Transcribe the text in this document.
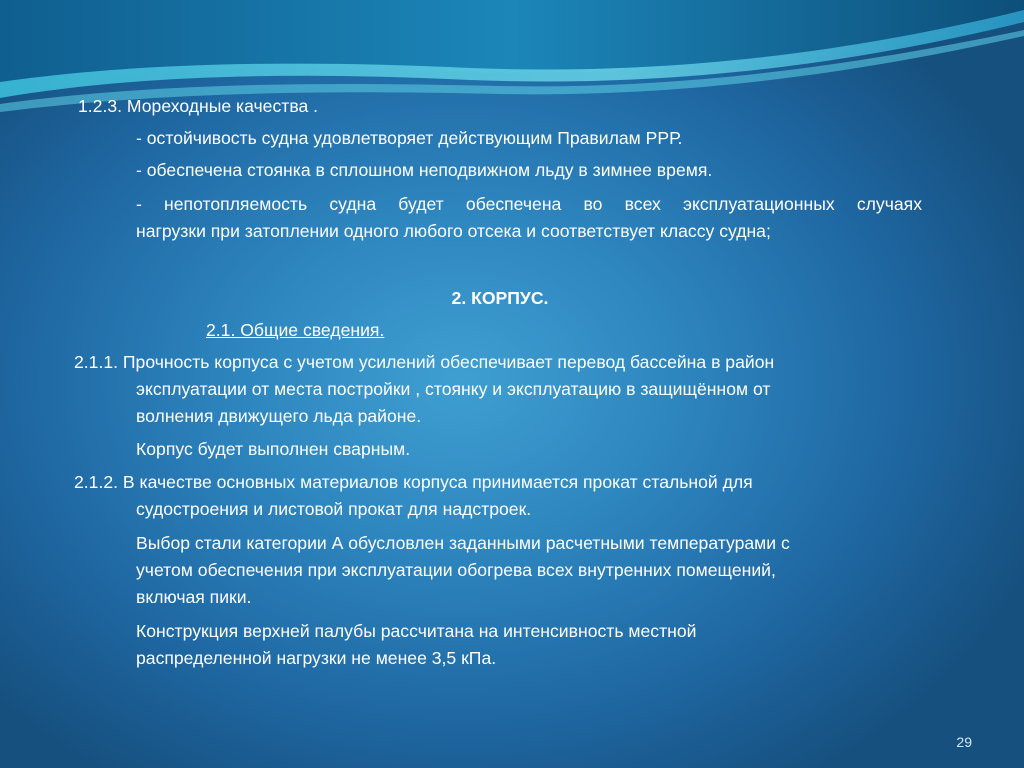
1.2.3. Мореходные качества .
- остойчивость судна удовлетворяет действующим Правилам РРР.
- обеспечена стоянка в сплошном неподвижном льду в зимнее время.
- непотопляемость судна будет обеспечена во всех эксплуатационных случаях
нагрузки при затоплении одного любого отсека и соответствует классу судна;
2. КОРПУС.
2.1. Общие сведения.
2.1.1. Прочность корпуса с учетом усилений обеспечивает перевод бассейна в район
эксплуатации от места постройки , стоянку и эксплуатацию в защищённом от
волнения движущего льда районе.
Корпус будет выполнен сварным.
2.1.2. В качестве основных материалов корпуса принимается прокат стальной для
судостроения и листовой прокат для надстроек.
Выбор стали категории А обусловлен заданными расчетными температурами с
учетом обеспечения при эксплуатации обогрева всех внутренних помещений,
включая пики.
Конструкция верхней палубы рассчитана на интенсивность местной
распределенной нагрузки не менее 3,5 кПа.
29
